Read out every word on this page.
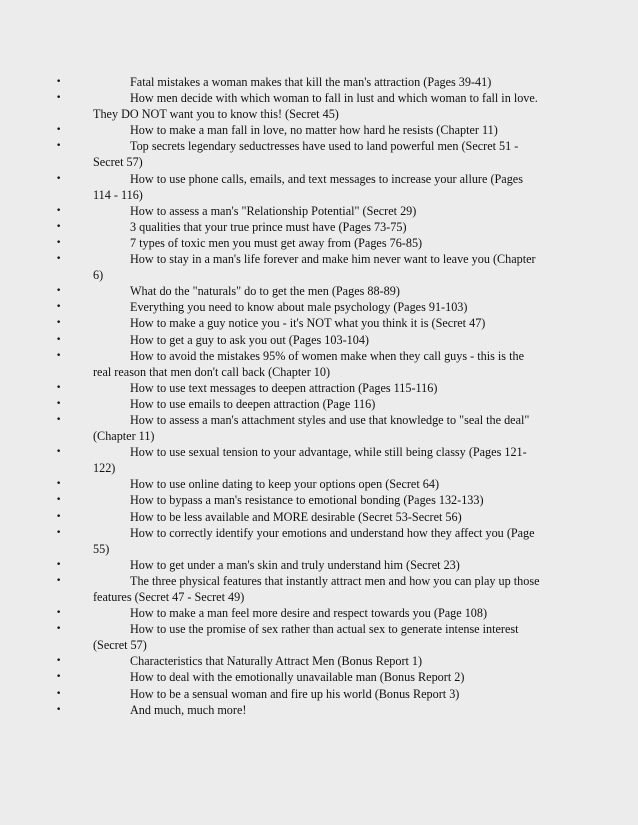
•	Fatal mistakes a woman makes that kill the man's attraction (Pages 39-41)
•	How men decide with which woman to fall in lust and which woman to fall in love. They DO NOT want you to know this! (Secret 45)
•	How to make a man fall in love, no matter how hard he resists (Chapter 11)
•	Top secrets legendary seductresses have used to land powerful men (Secret 51 - Secret 57)
•	How to use phone calls, emails, and text messages to increase your allure (Pages 114 - 116)
•	How to assess a man's "Relationship Potential" (Secret 29)
•	3 qualities that your true prince must have (Pages 73-75)
•	7 types of toxic men you must get away from (Pages 76-85)
•	How to stay in a man's life forever and make him never want to leave you (Chapter 6)
•	What do the "naturals" do to get the men (Pages 88-89)
•	Everything you need to know about male psychology (Pages 91-103)
•	How to make a guy notice you - it's NOT what you think it is (Secret 47)
•	How to get a guy to ask you out (Pages 103-104)
•	How to avoid the mistakes 95% of women make when they call guys - this is the real reason that men don't call back (Chapter 10)
•	How to use text messages to deepen attraction (Pages 115-116)
•	How to use emails to deepen attraction (Page 116)
•	How to assess a man's attachment styles and use that knowledge to "seal the deal" (Chapter 11)
•	How to use sexual tension to your advantage, while still being classy (Pages 121-122)
•	How to use online dating to keep your options open (Secret 64)
•	How to bypass a man's resistance to emotional bonding (Pages 132-133)
•	How to be less available and MORE desirable (Secret 53-Secret 56)
•	How to correctly identify your emotions and understand how they affect you (Page 55)
•	How to get under a man's skin and truly understand him (Secret 23)
•	The three physical features that instantly attract men and how you can play up those features (Secret 47 - Secret 49)
•	How to make a man feel more desire and respect towards you (Page 108)
•	How to use the promise of sex rather than actual sex to generate intense interest (Secret 57)
•	Characteristics that Naturally Attract Men (Bonus Report 1)
•	How to deal with the emotionally unavailable man (Bonus Report 2)
•	How to be a sensual woman and fire up his world (Bonus Report 3)
•	And much, much more!
